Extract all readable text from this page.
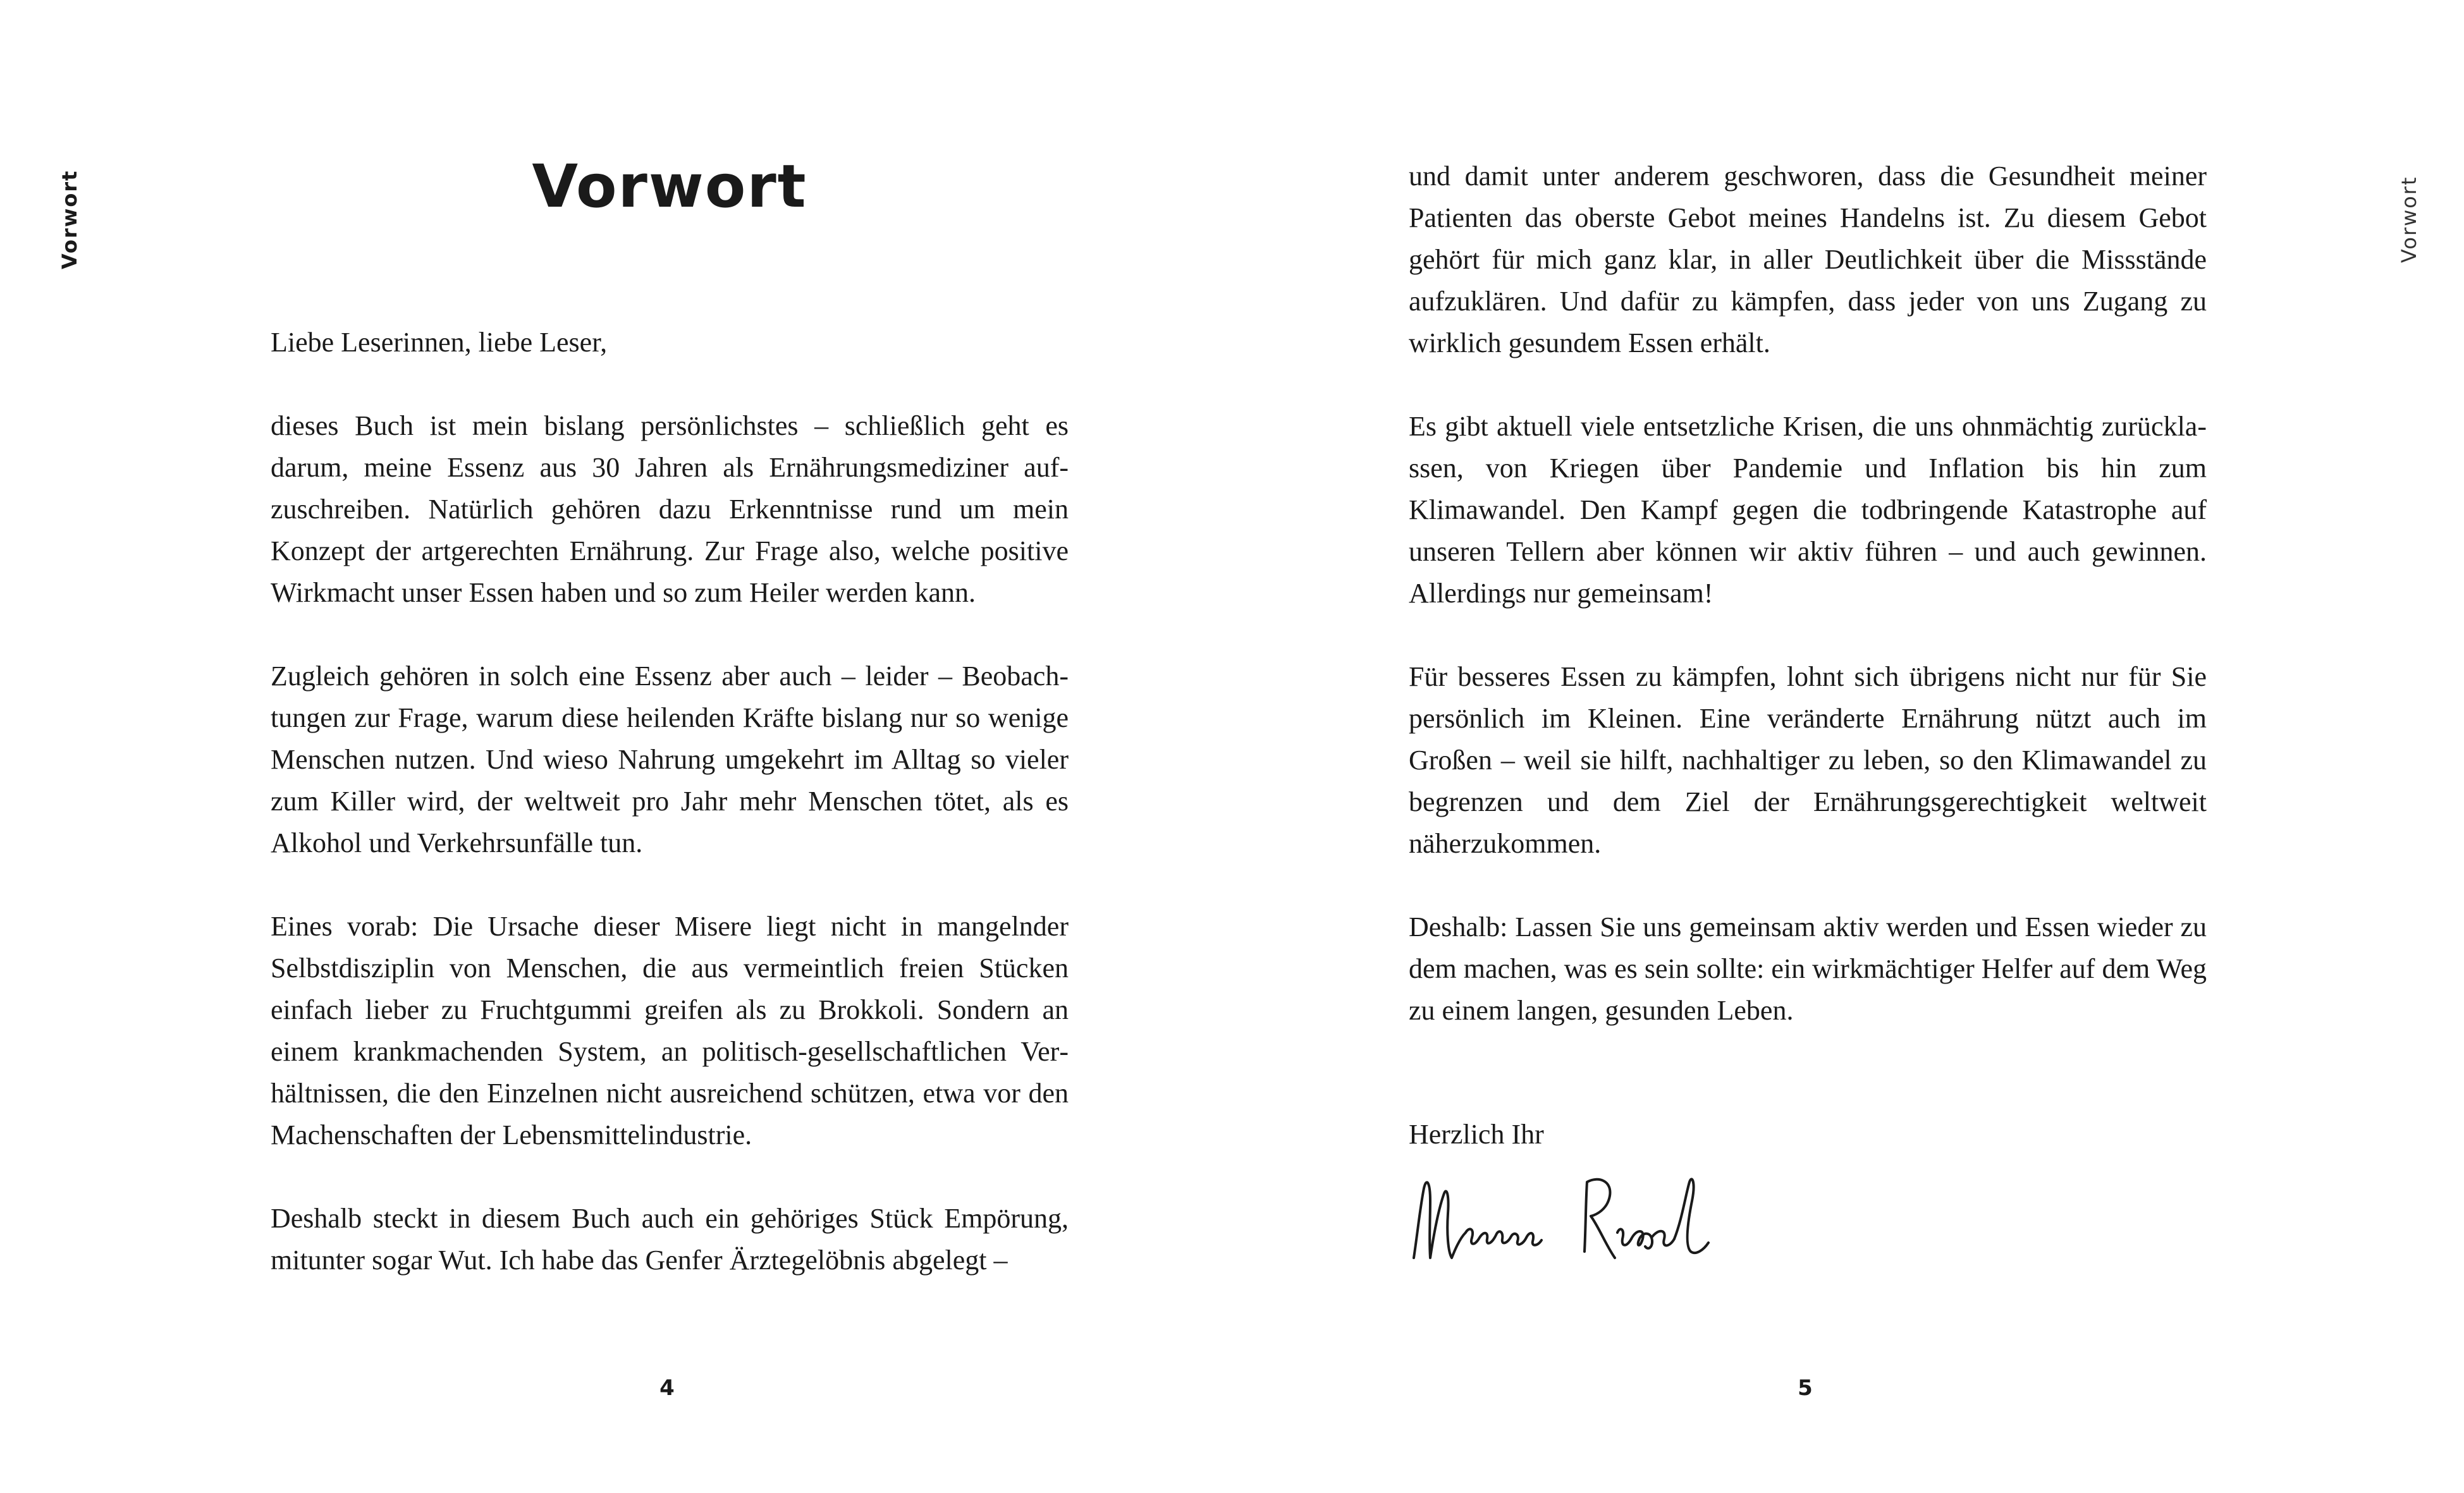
Vorwort	Vorwort
Vorwort

Liebe Leserinnen, liebe Leser,

dieses Buch ist mein bislang persönlichstes – schließlich geht es darum, meine Essenz aus 30 Jahren als Ernährungsmediziner aufzuschreiben. Natürlich gehören dazu Erkenntnisse rund um mein Konzept der artgerechten Ernährung. Zur Frage also, welche positive Wirkmacht unser Essen haben und so zum Heiler werden kann.

Zugleich gehören in solch eine Essenz aber auch – leider – Beobachtungen zur Frage, warum diese heilenden Kräfte bislang nur so wenige Menschen nutzen. Und wieso Nahrung umgekehrt im Alltag so vieler zum Killer wird, der weltweit pro Jahr mehr Menschen tötet, als es Alkohol und Verkehrsunfälle tun.

Eines vorab: Die Ursache dieser Misere liegt nicht in mangelnder Selbstdisziplin von Menschen, die aus vermeintlich freien Stücken einfach lieber zu Fruchtgummi greifen als zu Brokkoli. Sondern an einem krankmachenden System, an politisch-gesellschaftlichen Verhältnissen, die den Einzelnen nicht ausreichend schützen, etwa vor den Machenschaften der Lebensmittelindustrie.

Deshalb steckt in diesem Buch auch ein gehöriges Stück Empörung, mitunter sogar Wut. Ich habe das Genfer Ärztegelöbnis abgelegt –

und damit unter anderem geschworen, dass die Gesundheit meiner Patienten das oberste Gebot meines Handelns ist. Zu diesem Gebot gehört für mich ganz klar, in aller Deutlichkeit über die Missstände aufzuklären. Und dafür zu kämpfen, dass jeder von uns Zugang zu wirklich gesundem Essen erhält.

Es gibt aktuell viele entsetzliche Krisen, die uns ohnmächtig zurücklassen, von Kriegen über Pandemie und Inflation bis hin zum Klimawandel. Den Kampf gegen die todbringende Katastrophe auf unseren Tellern aber können wir aktiv führen – und auch gewinnen. Allerdings nur gemeinsam!

Für besseres Essen zu kämpfen, lohnt sich übrigens nicht nur für Sie persönlich im Kleinen. Eine veränderte Ernährung nützt auch im Großen – weil sie hilft, nachhaltiger zu leben, so den Klimawandel zu begrenzen und dem Ziel der Ernährungsgerechtigkeit weltweit näherzukommen.

Deshalb: Lassen Sie uns gemeinsam aktiv werden und Essen wieder zu dem machen, was es sein sollte: ein wirkmächtiger Helfer auf dem Weg zu einem langen, gesunden Leben.

Herzlich Ihr

4	5
